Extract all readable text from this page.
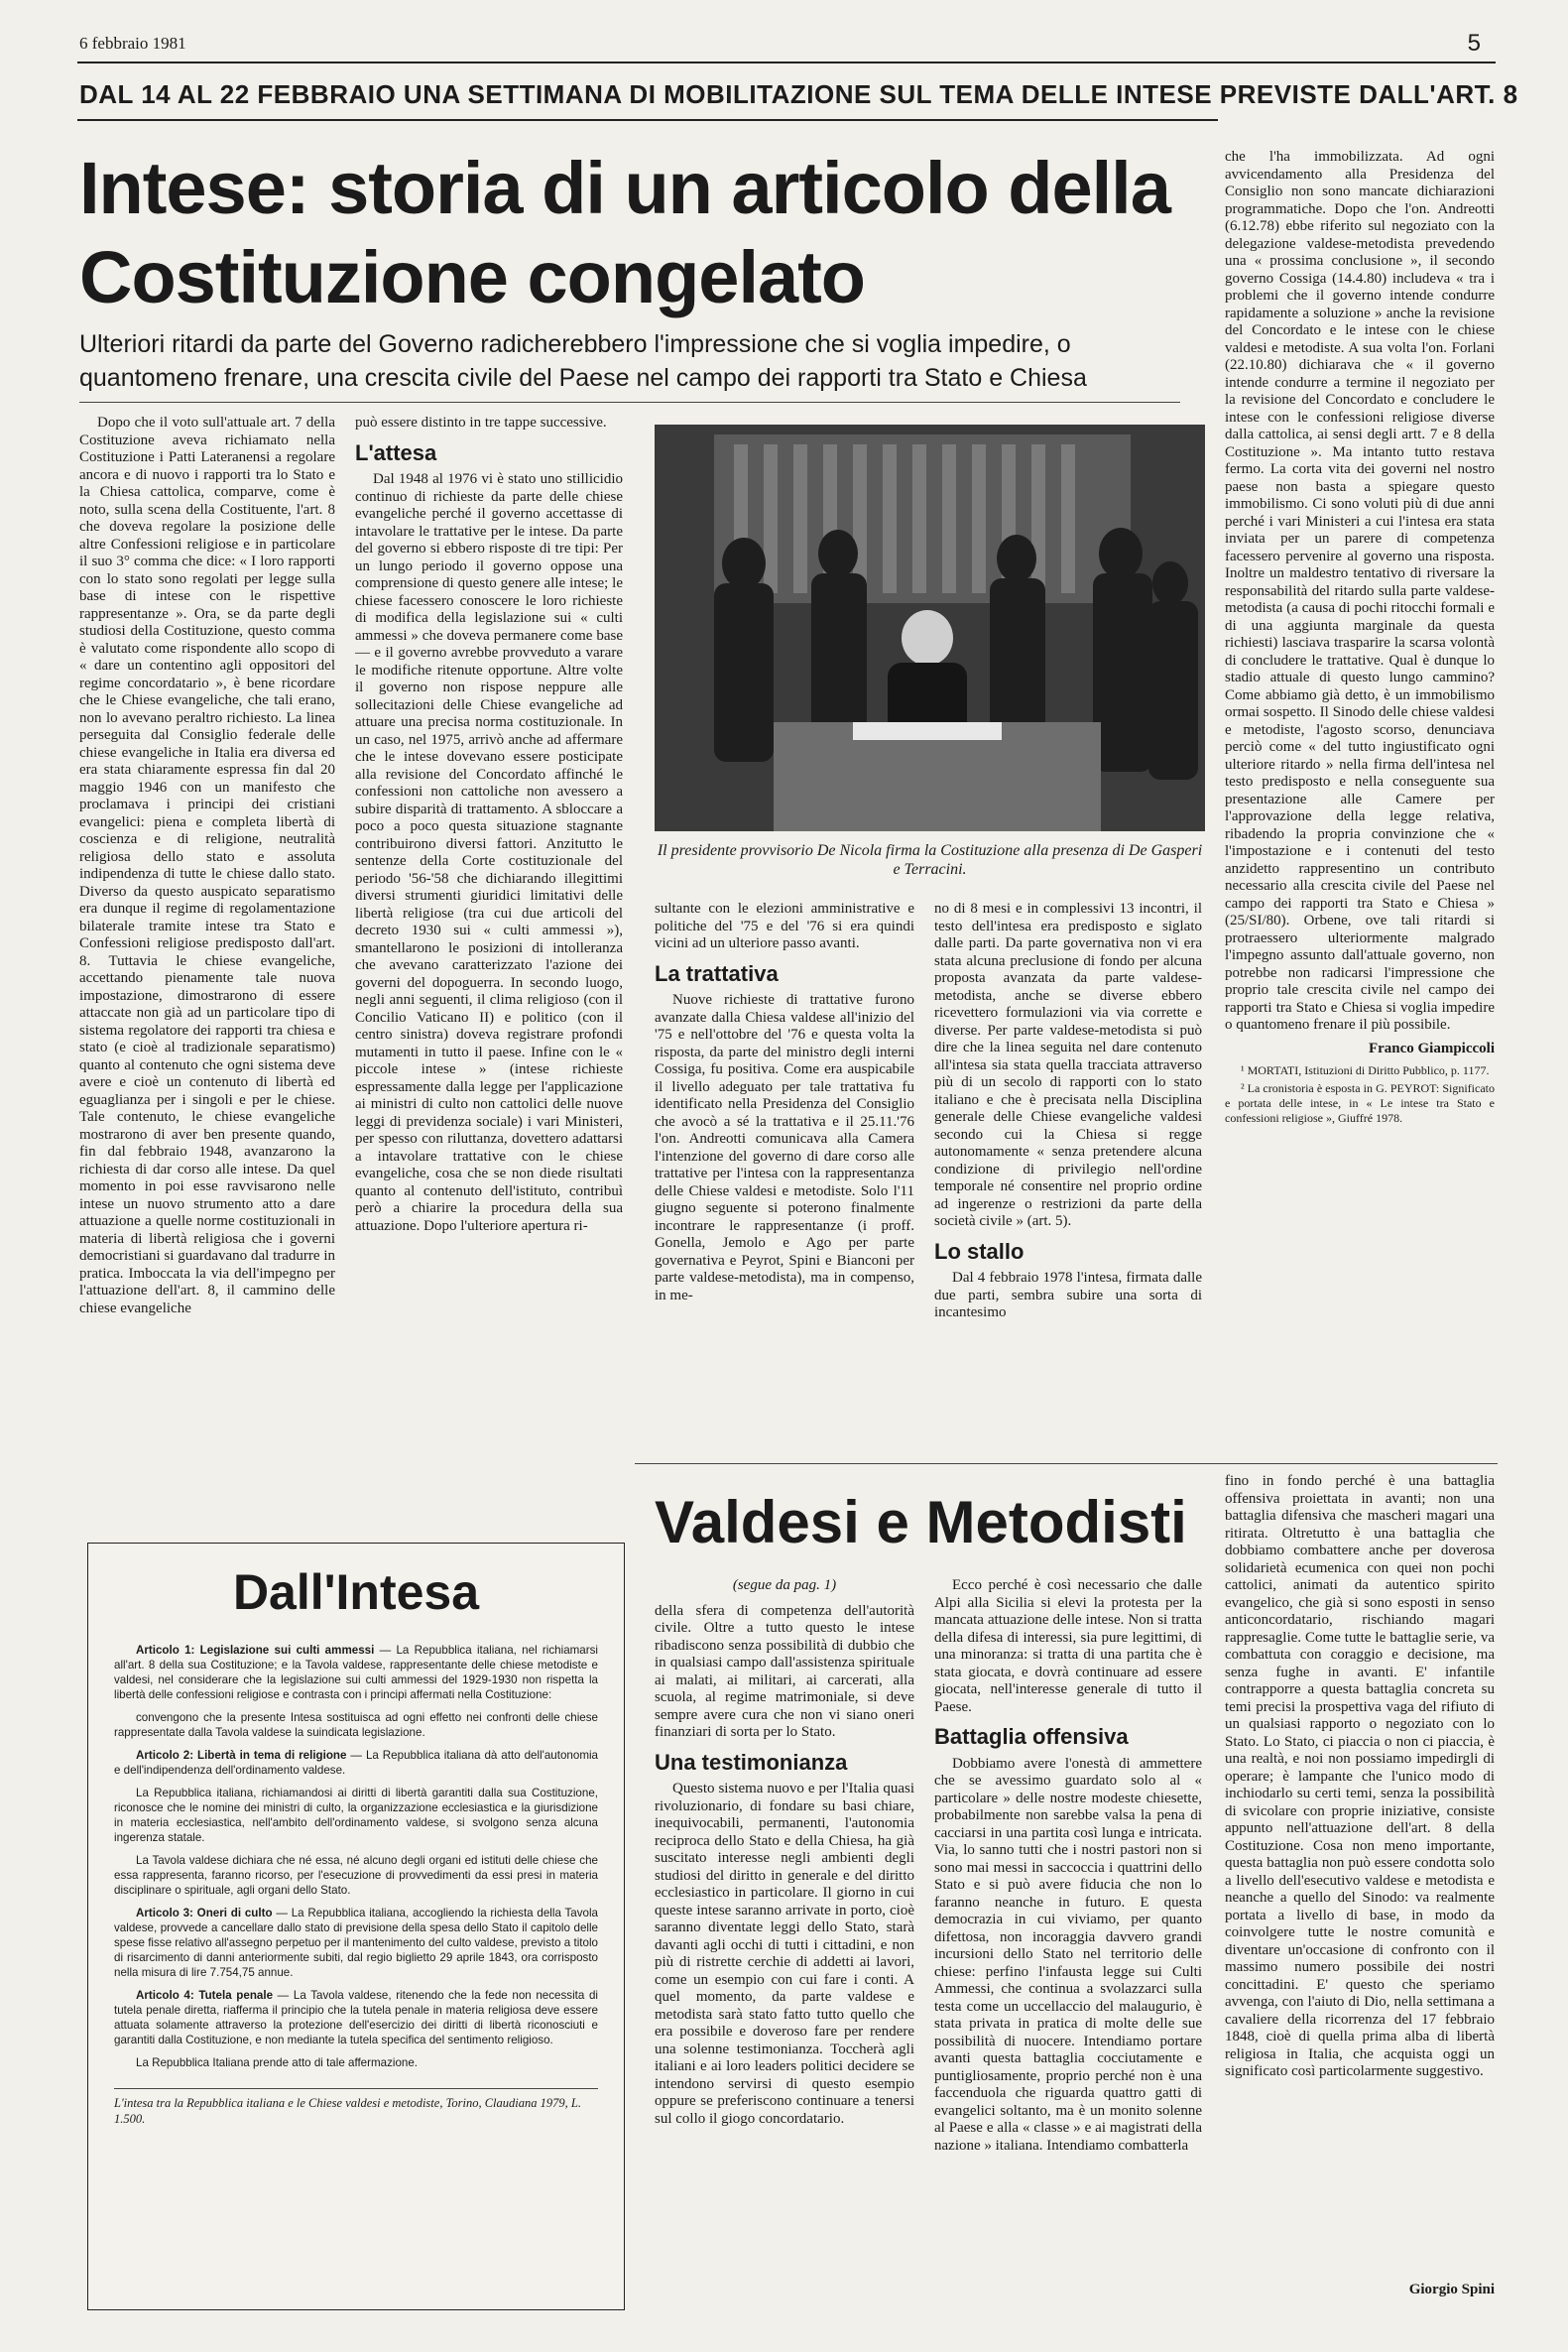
6 febbraio 1981	5
DAL 14 AL 22 FEBBRAIO UNA SETTIMANA DI MOBILITAZIONE SUL TEMA DELLE INTESE PREVISTE DALL'ART. 8
Intese: storia di un articolo della Costituzione congelato
Ulteriori ritardi da parte del Governo radicherebbero l'impressione che si voglia impedire, o quantomeno frenare, una crescita civile del Paese nel campo dei rapporti tra Stato e Chiesa

Dopo che il voto sull'attuale art. 7 della Costituzione aveva richiamato nella Costituzione i Patti Lateranensi a regolare ancora e di nuovo i rapporti tra lo Stato e la Chiesa cattolica, comparve, come è noto, sulla scena della Costituente, l'art. 8 che doveva regolare la posizione delle altre Confessioni religiose e in particolare il suo 3° comma che dice: « I loro rapporti con lo stato sono regolati per legge sulla base di intese con le rispettive rappresentanze ». Ora, se da parte degli studiosi della Costituzione, questo comma è valutato come rispondente allo scopo di « dare un contentino agli oppositori del regime concordatario », è bene ricordare che le Chiese evangeliche, che tali erano, non lo avevano peraltro richiesto. La linea perseguita dal Consiglio federale delle chiese evangeliche in Italia era diversa ed era stata chiaramente espressa fin dal 20 maggio 1946 con un manifesto che proclamava i principi dei cristiani evangelici: piena e completa libertà di coscienza e di religione, neutralità religiosa dello stato e assoluta indipendenza di tutte le chiese dallo stato. Diverso da questo auspicato separatismo era dunque il regime di regolamentazione bilaterale tramite intese tra Stato e Confessioni religiose predisposto dall'art. 8. Tuttavia le chiese evangeliche, accettando pienamente tale nuova impostazione, dimostrarono di essere attaccate non già ad un particolare tipo di sistema regolatore dei rapporti tra chiesa e stato (e cioè al tradizionale separatismo) quanto al contenuto che ogni sistema deve avere e cioè un contenuto di libertà ed eguaglianza per i singoli e per le chiese. Tale contenuto, le chiese evangeliche mostrarono di aver ben presente quando, fin dal febbraio 1948, avanzarono la richiesta di dar corso alle intese. Da quel momento in poi esse ravvisarono nelle intese un nuovo strumento atto a dare attuazione a quelle norme costituzionali in materia di libertà religiosa che i governi democristiani si guardavano dal tradurre in pratica. Imboccata la via dell'impegno per l'attuazione dell'art. 8, il cammino delle chiese evangeliche

può essere distinto in tre tappe successive.

L'attesa

Dal 1948 al 1976 vi è stato uno stillicidio continuo di richieste da parte delle chiese evangeliche perché il governo accettasse di intavolare le trattative per le intese. Da parte del governo si ebbero risposte di tre tipi: Per un lungo periodo il governo oppose una comprensione di questo genere alle intese; le chiese facessero conoscere le loro richieste di modifica della legislazione sui « culti ammessi » che doveva permanere come base — e il governo avrebbe provveduto a varare le modifiche ritenute opportune. Altre volte il governo non rispose neppure alle sollecitazioni delle Chiese evangeliche ad attuare una precisa norma costituzionale. In un caso, nel 1975, arrivò anche ad affermare che le intese dovevano essere posticipate alla revisione del Concordato affinché le confessioni non cattoliche non avessero a subire disparità di trattamento. A sbloccare a poco a poco questa situazione stagnante contribuirono diversi fattori. Anzitutto le sentenze della Corte costituzionale del periodo '56-'58 che dichiarando illegittimi diversi strumenti giuridici limitativi delle libertà religiose (tra cui due articoli del decreto 1930 sui « culti ammessi »), smantellarono le posizioni di intolleranza che avevano caratterizzato l'azione dei governi del dopoguerra. In secondo luogo, negli anni seguenti, il clima religioso (con il Concilio Vaticano II) e politico (con il centro sinistra) doveva registrare profondi mutamenti in tutto il paese. Infine con le « piccole intese » (intese richieste espressamente dalla legge per l'applicazione ai ministri di culto non cattolici delle nuove leggi di previdenza sociale) i vari Ministeri, per spesso con riluttanza, dovettero adattarsi a intavolare trattative con le chiese evangeliche, cosa che se non diede risultati quanto al contenuto dell'istituto, contribuì però a chiarire la procedura della sua attuazione. Dopo l'ulteriore apertura ri-

Il presidente provvisorio De Nicola firma la Costituzione alla presenza di De Gasperi e Terracini.

sultante con le elezioni amministrative e politiche del '75 e del '76 si era quindi vicini ad un ulteriore passo avanti.

La trattativa

Nuove richieste di trattative furono avanzate dalla Chiesa valdese all'inizio del '75 e nell'ottobre del '76 e questa volta la risposta, da parte del ministro degli interni Cossiga, fu positiva. Come era auspicabile il livello adeguato per tale trattativa fu identificato nella Presidenza del Consiglio che avocò a sé la trattativa e il 25.11.'76 l'on. Andreotti comunicava alla Camera l'intenzione del governo di dare corso alle trattative per l'intesa con la rappresentanza delle Chiese valdesi e metodiste. Solo l'11 giugno seguente si poterono finalmente incontrare le rappresentanze (i proff. Gonella, Jemolo e Ago per parte governativa e Peyrot, Spini e Bianconi per parte valdese-metodista), ma in compenso, in me-

no di 8 mesi e in complessivi 13 incontri, il testo dell'intesa era predisposto e siglato dalle parti. Da parte governativa non vi era stata alcuna preclusione di fondo per alcuna proposta avanzata da parte valdese-metodista, anche se diverse ebbero ricevettero formulazioni via via corrette e diverse. Per parte valdese-metodista si può dire che la linea seguita nel dare contenuto all'intesa sia stata quella tracciata attraverso più di un secolo di rapporti con lo stato italiano e che è precisata nella Disciplina generale delle Chiese evangeliche valdesi secondo cui la Chiesa si regge autonomamente « senza pretendere alcuna condizione di privilegio nell'ordine temporale né consentire nel proprio ordine ad ingerenze o restrizioni da parte della società civile » (art. 5).

Lo stallo

Dal 4 febbraio 1978 l'intesa, firmata dalle due parti, sembra subire una sorta di incantesimo

che l'ha immobilizzata. Ad ogni avvicendamento alla Presidenza del Consiglio non sono mancate dichiarazioni programmatiche. Dopo che l'on. Andreotti (6.12.78) ebbe riferito sul negoziato con la delegazione valdese-metodista prevedendo una « prossima conclusione », il secondo governo Cossiga (14.4.80) includeva « tra i problemi che il governo intende condurre rapidamente a soluzione » anche la revisione del Concordato e le intese con le chiese valdesi e metodiste. A sua volta l'on. Forlani (22.10.80) dichiarava che « il governo intende condurre a termine il negoziato per la revisione del Concordato e concludere le intese con le confessioni religiose diverse dalla cattolica, ai sensi degli artt. 7 e 8 della Costituzione ». Ma intanto tutto restava fermo. La corta vita dei governi nel nostro paese non basta a spiegare questo immobilismo. Ci sono voluti più di due anni perché i vari Ministeri a cui l'intesa era stata inviata per un parere di competenza facessero pervenire al governo una risposta. Inoltre un maldestro tentativo di riversare la responsabilità del ritardo sulla parte valdese-metodista (a causa di pochi ritocchi formali e di una aggiunta marginale da questa richiesti) lasciava trasparire la scarsa volontà di concludere le trattative. Qual è dunque lo stadio attuale di questo lungo cammino? Come abbiamo già detto, è un immobilismo ormai sospetto. Il Sinodo delle chiese valdesi e metodiste, l'agosto scorso, denunciava perciò come « del tutto ingiustificato ogni ulteriore ritardo » nella firma dell'intesa nel testo predisposto e nella conseguente sua presentazione alle Camere per l'approvazione della legge relativa, ribadendo la propria convinzione che « l'impostazione e i contenuti del testo anzidetto rappresentino un contributo necessario alla crescita civile del Paese nel campo dei rapporti tra Stato e Chiesa » (25/SI/80). Orbene, ove tali ritardi si protraessero ulteriormente malgrado l'impegno assunto dall'attuale governo, non potrebbe non radicarsi l'impressione che proprio tale crescita civile nel campo dei rapporti tra Stato e Chiesa si voglia impedire o quantomeno frenare il più possibile.

Franco Giampiccoli

¹ MORTATI, Istituzioni di Diritto Pubblico, p. 1177.

² La cronistoria è esposta in G. PEYROT: Significato e portata delle intese, in « Le intese tra Stato e confessioni religiose », Giuffré 1978.

Dall'Intesa

Articolo 1: Legislazione sui culti ammessi — La Repubblica italiana, nel richiamarsi all'art. 8 della sua Costituzione; e la Tavola valdese, rappresentante delle chiese metodiste e valdesi, nel considerare che la legislazione sui culti ammessi del 1929-1930 non rispetta la libertà delle confessioni religiose e contrasta con i principi affermati nella Costituzione:

convengono che la presente Intesa sostituisca ad ogni effetto nei confronti delle chiese rappresentate dalla Tavola valdese la suindicata legislazione.

Articolo 2: Libertà in tema di religione — La Repubblica italiana dà atto dell'autonomia e dell'indipendenza dell'ordinamento valdese.

La Repubblica italiana, richiamandosi ai diritti di libertà garantiti dalla sua Costituzione, riconosce che le nomine dei ministri di culto, la organizzazione ecclesiastica e la giurisdizione in materia ecclesiastica, nell'ambito dell'ordinamento valdese, si svolgono senza alcuna ingerenza statale.

La Tavola valdese dichiara che né essa, né alcuno degli organi ed istituti delle chiese che essa rappresenta, faranno ricorso, per l'esecuzione di provvedimenti da essi presi in materia disciplinare o spirituale, agli organi dello Stato.

Articolo 3: Oneri di culto — La Repubblica italiana, accogliendo la richiesta della Tavola valdese, provvede a cancellare dallo stato di previsione della spesa dello Stato il capitolo delle spese fisse relativo all'assegno perpetuo per il mantenimento del culto valdese, previsto a titolo di risarcimento di danni anteriormente subiti, dal regio biglietto 29 aprile 1843, ora corrisposto nella misura di lire 7.754,75 annue.

Articolo 4: Tutela penale — La Tavola valdese, ritenendo che la fede non necessita di tutela penale diretta, riafferma il principio che la tutela penale in materia religiosa deve essere attuata solamente attraverso la protezione dell'esercizio dei diritti di libertà riconosciuti e garantiti dalla Costituzione, e non mediante la tutela specifica del sentimento religioso.

La Repubblica Italiana prende atto di tale affermazione.

L'intesa tra la Repubblica italiana e le Chiese valdesi e metodiste, Torino, Claudiana 1979, L. 1.500.
Valdesi e Metodisti

(segue da pag. 1)

della sfera di competenza dell'autorità civile. Oltre a tutto questo le intese ribadiscono senza possibilità di dubbio che in qualsiasi campo dall'assistenza spirituale ai malati, ai militari, ai carcerati, alla scuola, al regime matrimoniale, si deve sempre avere cura che non vi siano oneri finanziari di sorta per lo Stato.

Una testimonianza

Questo sistema nuovo e per l'Italia quasi rivoluzionario, di fondare su basi chiare, inequivocabili, permanenti, l'autonomia reciproca dello Stato e della Chiesa, ha già suscitato interesse negli ambienti degli studiosi del diritto in generale e del diritto ecclesiastico in particolare. Il giorno in cui queste intese saranno arrivate in porto, cioè saranno diventate leggi dello Stato, starà davanti agli occhi di tutti i cittadini, e non più di ristrette cerchie di addetti ai lavori, come un esempio con cui fare i conti. A quel momento, da parte valdese e metodista sarà stato fatto tutto quello che era possibile e doveroso fare per rendere una solenne testimonianza. Toccherà agli italiani e ai loro leaders politici decidere se intendono servirsi di questo esempio oppure se preferiscono continuare a tenersi sul collo il giogo concordatario.

Ecco perché è così necessario che dalle Alpi alla Sicilia si elevi la protesta per la mancata attuazione delle intese. Non si tratta della difesa di interessi, sia pure legittimi, di una minoranza: si tratta di una partita che è stata giocata, e dovrà continuare ad essere giocata, nell'interesse generale di tutto il Paese.

Battaglia offensiva

Dobbiamo avere l'onestà di ammettere che se avessimo guardato solo al « particolare » delle nostre modeste chiesette, probabilmente non sarebbe valsa la pena di cacciarsi in una partita così lunga e intricata. Via, lo sanno tutti che i nostri pastori non si sono mai messi in saccoccia i quattrini dello Stato e si può avere fiducia che non lo faranno neanche in futuro. E questa democrazia in cui viviamo, per quanto difettosa, non incoraggia davvero grandi incursioni dello Stato nel territorio delle chiese: perfino l'infausta legge sui Culti Ammessi, che continua a svolazzarci sulla testa come un uccellaccio del malaugurio, è stata privata in pratica di molte delle sue possibilità di nuocere. Intendiamo portare avanti questa battaglia cocciutamente e puntigliosamente, proprio perché non è una faccenduola che riguarda quattro gatti di evangelici soltanto, ma è un monito solenne al Paese e alla « classe » e ai magistrati della nazione » italiana. Intendiamo combatterla

fino in fondo perché è una battaglia offensiva proiettata in avanti; non una battaglia difensiva che mascheri magari una ritirata. Oltretutto è una battaglia che dobbiamo combattere anche per doverosa solidarietà ecumenica con quei non pochi cattolici, animati da autentico spirito evangelico, che già si sono esposti in senso anticoncordatario, rischiando magari rappresaglie. Come tutte le battaglie serie, va combattuta con coraggio e decisione, ma senza fughe in avanti. E' infantile contrapporre a questa battaglia concreta su temi precisi la prospettiva vaga del rifiuto di un qualsiasi rapporto o negoziato con lo Stato. Lo Stato, ci piaccia o non ci piaccia, è una realtà, e noi non possiamo impedirgli di operare; è lampante che l'unico modo di inchiodarlo su certi temi, senza la possibilità di svicolare con proprie iniziative, consiste appunto nell'attuazione dell'art. 8 della Costituzione. Cosa non meno importante, questa battaglia non può essere condotta solo a livello dell'esecutivo valdese e metodista e neanche a quello del Sinodo: va realmente portata a livello di base, in modo da coinvolgere tutte le nostre comunità e diventare un'occasione di confronto con il massimo numero possibile dei nostri concittadini. E' questo che speriamo avvenga, con l'aiuto di Dio, nella settimana a cavaliere della ricorrenza del 17 febbraio 1848, cioè di quella prima alba di libertà religiosa in Italia, che acquista oggi un significato così particolarmente suggestivo.

Giorgio Spini
